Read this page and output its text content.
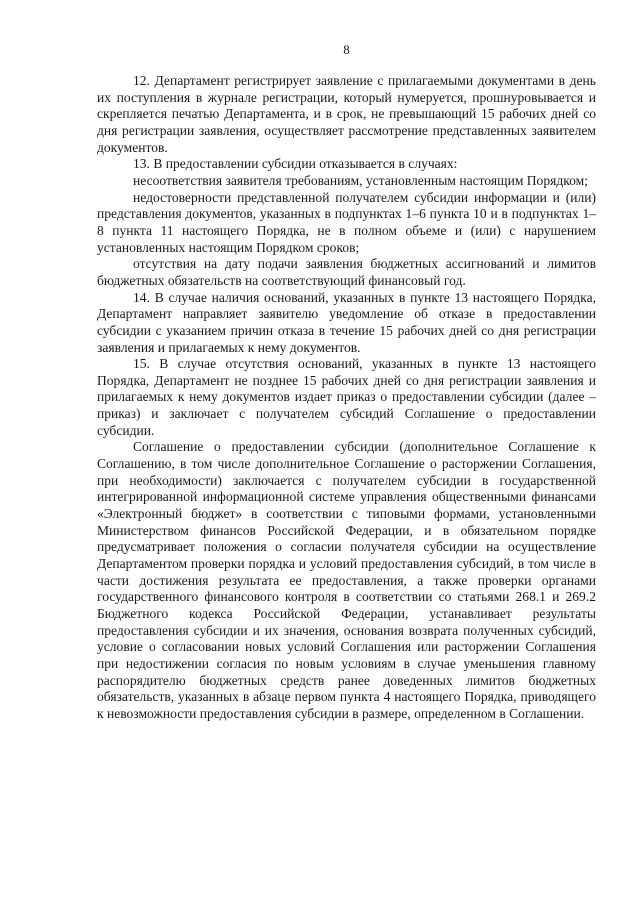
8

12. Департамент регистрирует заявление с прилагаемыми документами в день их поступления в журнале регистрации, который нумеруется, прошнуровывается и скрепляется печатью Департамента, и в срок, не превышающий 15 рабочих дней со дня регистрации заявления, осуществляет рассмотрение представленных заявителем документов.

13. В предоставлении субсидии отказывается в случаях:

несоответствия заявителя требованиям, установленным настоящим Порядком;

недостоверности представленной получателем субсидии информации и (или) представления документов, указанных в подпунктах 1–6 пункта 10 и в подпунктах 1–8 пункта 11 настоящего Порядка, не в полном объеме и (или) с нарушением установленных настоящим Порядком сроков;

отсутствия на дату подачи заявления бюджетных ассигнований и лимитов бюджетных обязательств на соответствующий финансовый год.

14. В случае наличия оснований, указанных в пункте 13 настоящего Порядка, Департамент направляет заявителю уведомление об отказе в предоставлении субсидии с указанием причин отказа в течение 15 рабочих дней со дня регистрации заявления и прилагаемых к нему документов.

15. В случае отсутствия оснований, указанных в пункте 13 настоящего Порядка, Департамент не позднее 15 рабочих дней со дня регистрации заявления и прилагаемых к нему документов издает приказ о предоставлении субсидии (далее – приказ) и заключает с получателем субсидий Соглашение о предоставлении субсидии.

Соглашение о предоставлении субсидии (дополнительное Соглашение к Соглашению, в том числе дополнительное Соглашение о расторжении Соглашения, при необходимости) заключается с получателем субсидии в государственной интегрированной информационной системе управления общественными финансами «Электронный бюджет» в соответствии с типовыми формами, установленными Министерством финансов Российской Федерации, и в обязательном порядке предусматривает положения о согласии получателя субсидии на осуществление Департаментом проверки порядка и условий предоставления субсидий, в том числе в части достижения результата ее предоставления, а также проверки органами государственного финансового контроля в соответствии со статьями 268.1 и 269.2 Бюджетного кодекса Российской Федерации, устанавливает результаты предоставления субсидии и их значения, основания возврата полученных субсидий, условие о согласовании новых условий Соглашения или расторжении Соглашения при недостижении согласия по новым условиям в случае уменьшения главному распорядителю бюджетных средств ранее доведенных лимитов бюджетных обязательств, указанных в абзаце первом пункта 4 настоящего Порядка, приводящего к невозможности предоставления субсидии в размере, определенном в Соглашении.
